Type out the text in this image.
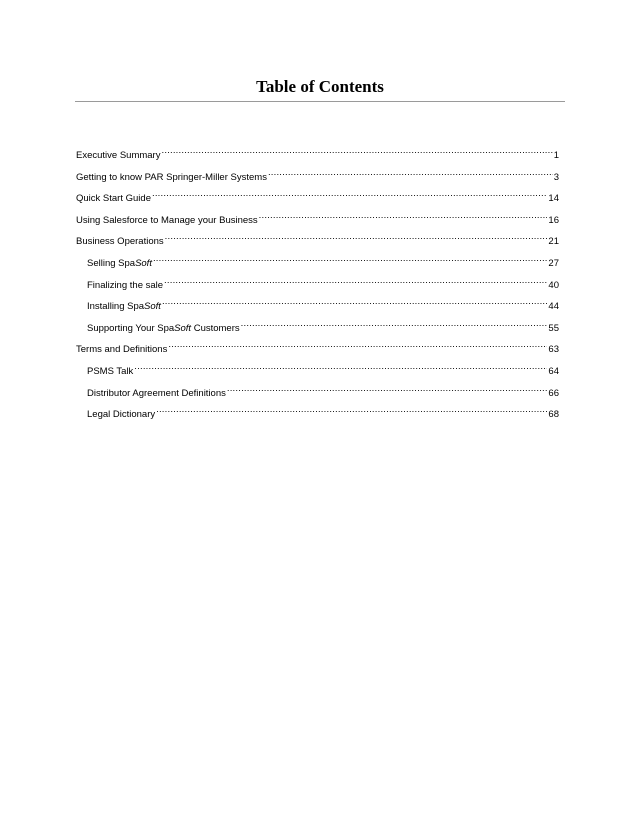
Table of Contents
Executive Summary .....	1
Getting to know PAR Springer-Miller Systems .....	3
Quick Start Guide .....	14
Using Salesforce to Manage your Business .....	16
Business Operations .....	21
Selling SpaSoft .....	27
Finalizing the sale .....	40
Installing SpaSoft .....	44
Supporting Your SpaSoft Customers .....	55
Terms and Definitions .....	63
PSMS Talk .....	64
Distributor Agreement Definitions .....	66
Legal Dictionary .....	68
